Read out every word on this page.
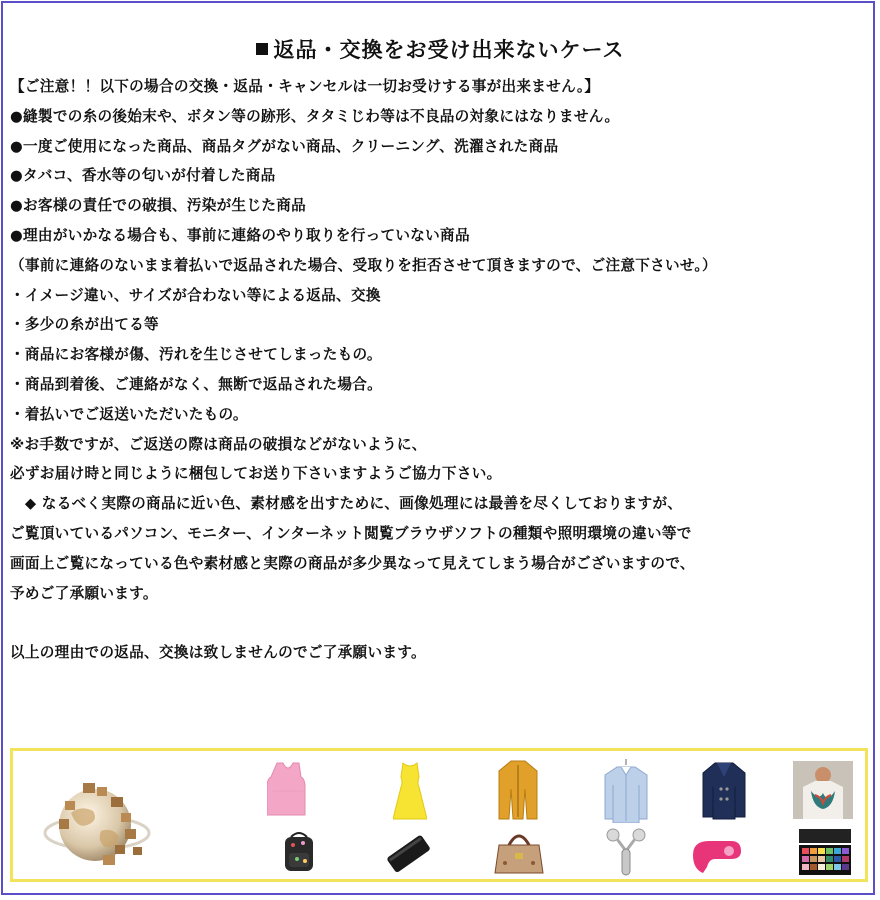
返品・交換をお受け出来ないケース
【ご注意！！以下の場合の交換・返品・キャンセルは一切お受けする事が出来ません。】
●縫製での糸の後始末や、ボタン等の跡形、タタミじわ等は不良品の対象にはなりません。
●一度ご使用になった商品、商品タグがない商品、クリーニング、洗濯された商品
●タバコ、香水等の匂いが付着した商品
●お客様の責任での破損、汚染が生じた商品
●理由がいかなる場合も、事前に連絡のやり取りを行っていない商品
（事前に連絡のないまま着払いで返品された場合、受取りを拒否させて頂きますので、ご注意下さいせ。）
・イメージ違い、サイズが合わない等による返品、交換
・多少の糸が出てる等
・商品にお客様が傷、汚れを生じさせてしまったもの。
・商品到着後、ご連絡がなく、無断で返品された場合。
・着払いでご返送いただいたもの。
※お手数ですが、ご返送の際は商品の破損などがないように、
必ずお届け時と同じように梱包してお送り下さいますようご協力下さい。
　◆ なるべく実際の商品に近い色、素材感を出すために、画像処理には最善を尽くしておりますが、
ご覧頂いているパソコン、モニター、インターネット閲覧ブラウザソフトの種類や照明環境の違い等で
画面上ご覧になっている色や素材感と実際の商品が多少異なって見えてしまう場合がございますので、
予めご了承願います。
以上の理由での返品、交換は致しませんのでご了承願います。
